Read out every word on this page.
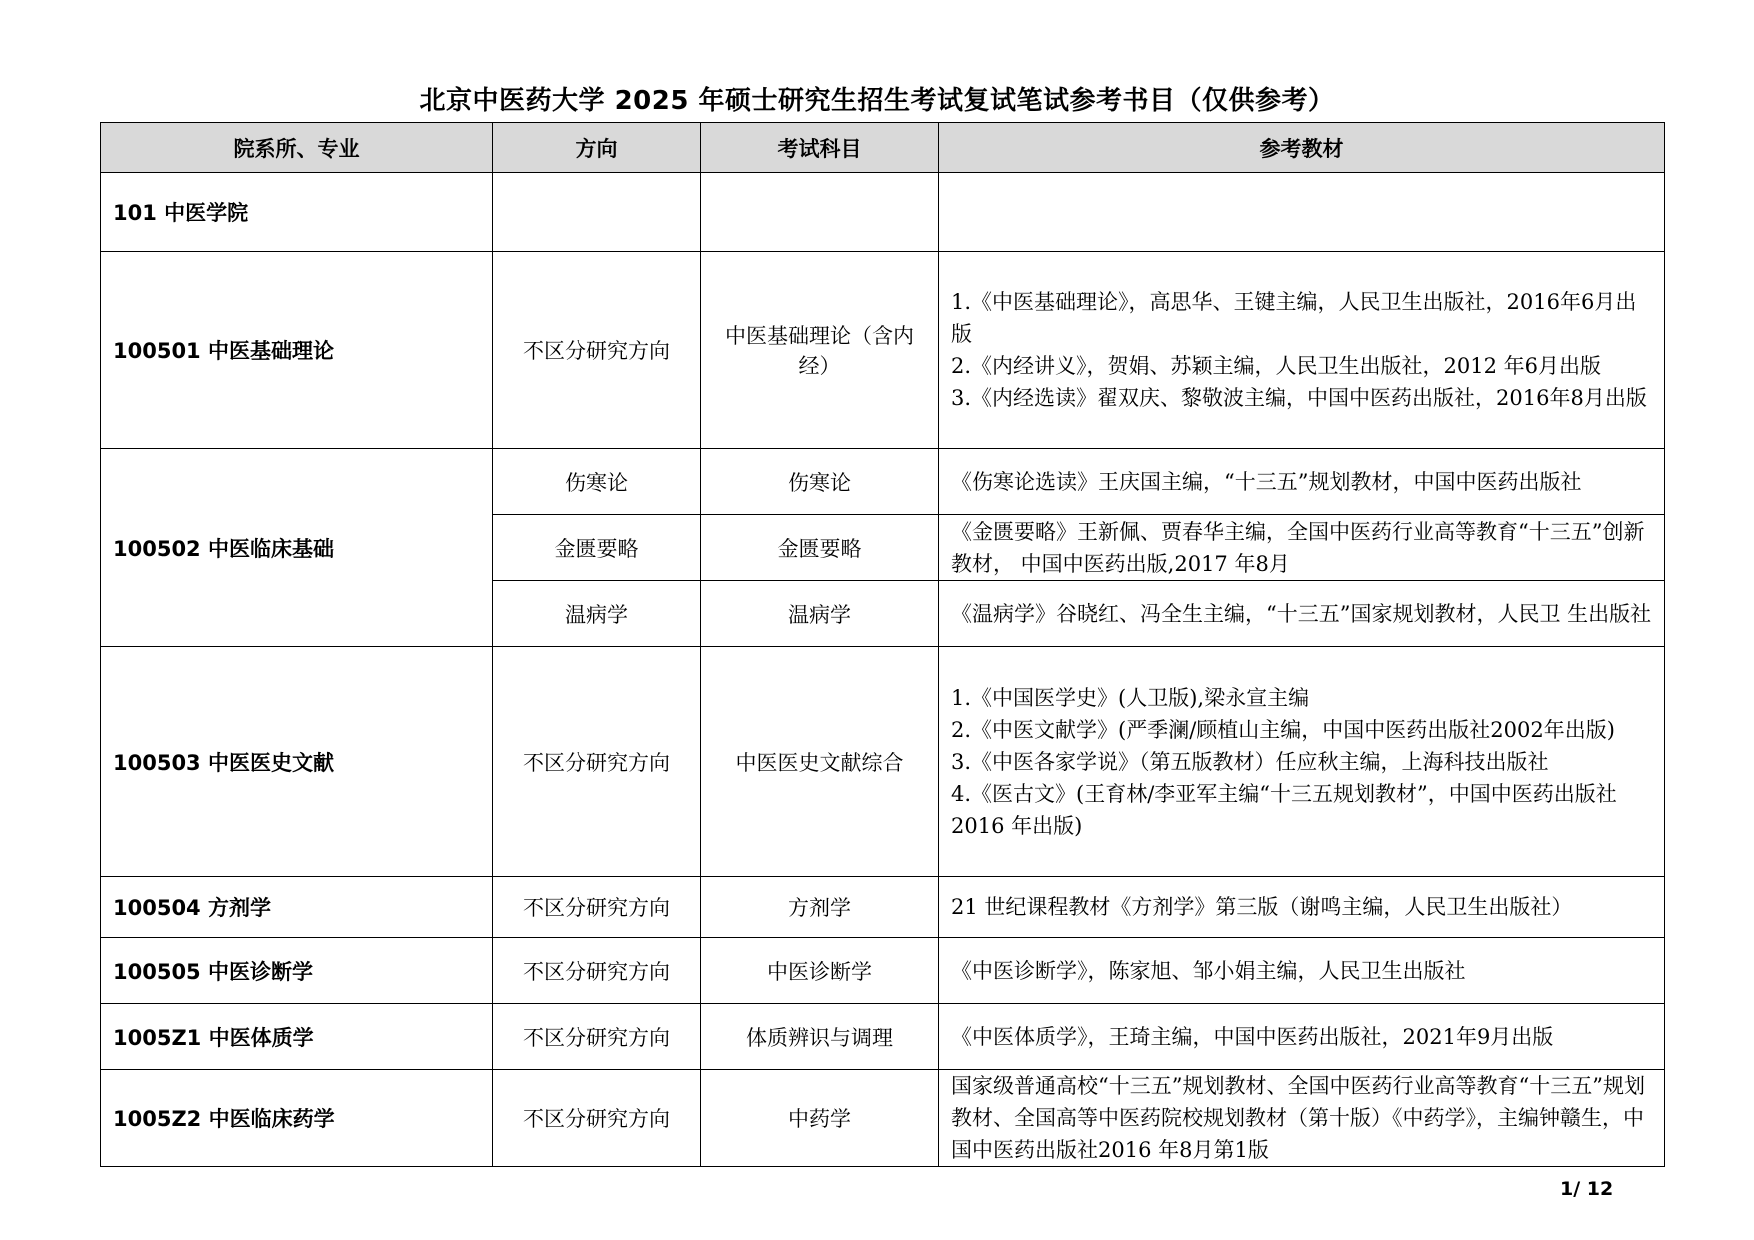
北京中医药大学 2025 年硕士研究生招生考试复试笔试参考书目（仅供参考）
院系所、专业	方向	考试科目	参考教材
101 中医学院			
100501 中医基础理论	不区分研究方向	中医基础理论（含内经）	1.《中医基础理论》，高思华、王键主编，人民卫生出版社，2016年6月出版
2.《内经讲义》，贺娟、苏颖主编，人民卫生出版社，2012 年6月出版
3.《内经选读》翟双庆、黎敬波主编，中国中医药出版社，2016年8月出版

100502 中医临床基础	伤寒论	伤寒论	《伤寒论选读》王庆国主编，“十三五”规划教材，中国中医药出版社
	金匮要略	金匮要略	《金匮要略》王新佩、贾春华主编，全国中医药行业高等教育“十三五”创新教材， 中国中医药出版,2017 年8月
	温病学	温病学	《温病学》谷晓红、冯全生主编，“十三五”国家规划教材，人民卫 生出版社
100503 中医医史文献	不区分研究方向	中医医史文献综合	1.《中国医学史》(人卫版),梁永宣主编
2.《中医文献学》(严季澜/顾植山主编，中国中医药出版社2002年出版)
3.《中医各家学说》（第五版教材）任应秋主编，上海科技出版社
4.《医古文》(王育林/李亚军主编“十三五规划教材”，中国中医药出版社2016 年出版)

100504 方剂学	不区分研究方向	方剂学	21 世纪课程教材《方剂学》第三版（谢鸣主编，人民卫生出版社）
100505 中医诊断学	不区分研究方向	中医诊断学	《中医诊断学》，陈家旭、邹小娟主编，人民卫生出版社
1005Z1 中医体质学	不区分研究方向	体质辨识与调理	《中医体质学》，王琦主编，中国中医药出版社，2021年9月出版
1005Z2 中医临床药学	不区分研究方向	中药学	国家级普通高校“十三五”规划教材、全国中医药行业高等教育“十三五”规划教材、全国高等中医药院校规划教材（第十版）《中药学》，主编钟赣生，中国中医药出版社2016 年8月第1版
1/ 12
